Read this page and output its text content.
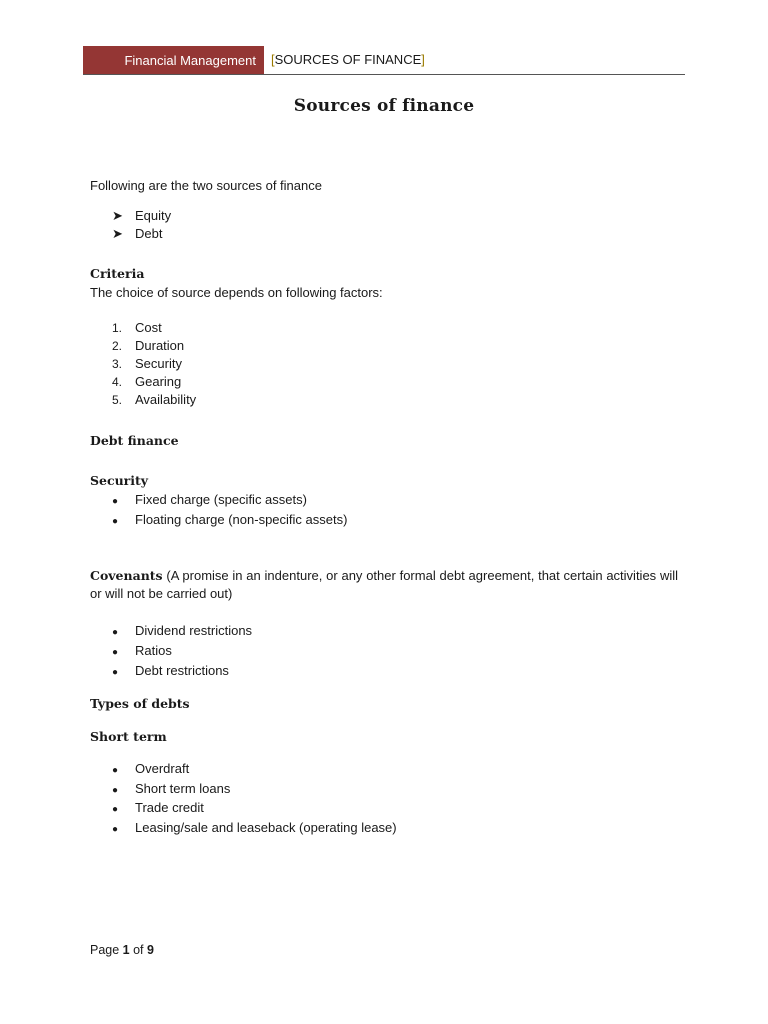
Financial Management [SOURCES OF FINANCE]
Sources of finance
Following are the two sources of finance
➤ Equity
➤ Debt
Criteria
The choice of source depends on following factors:
1. Cost
2. Duration
3. Security
4. Gearing
5. Availability
Debt finance
Security
● Fixed charge (specific assets)
● Floating charge (non-specific assets)
Covenants (A promise in an indenture, or any other formal debt agreement, that certain activities will or will not be carried out)
● Dividend restrictions
● Ratios
● Debt restrictions
Types of debts
Short term
● Overdraft
● Short term loans
● Trade credit
● Leasing/sale and leaseback (operating lease)
Page 1 of 9
